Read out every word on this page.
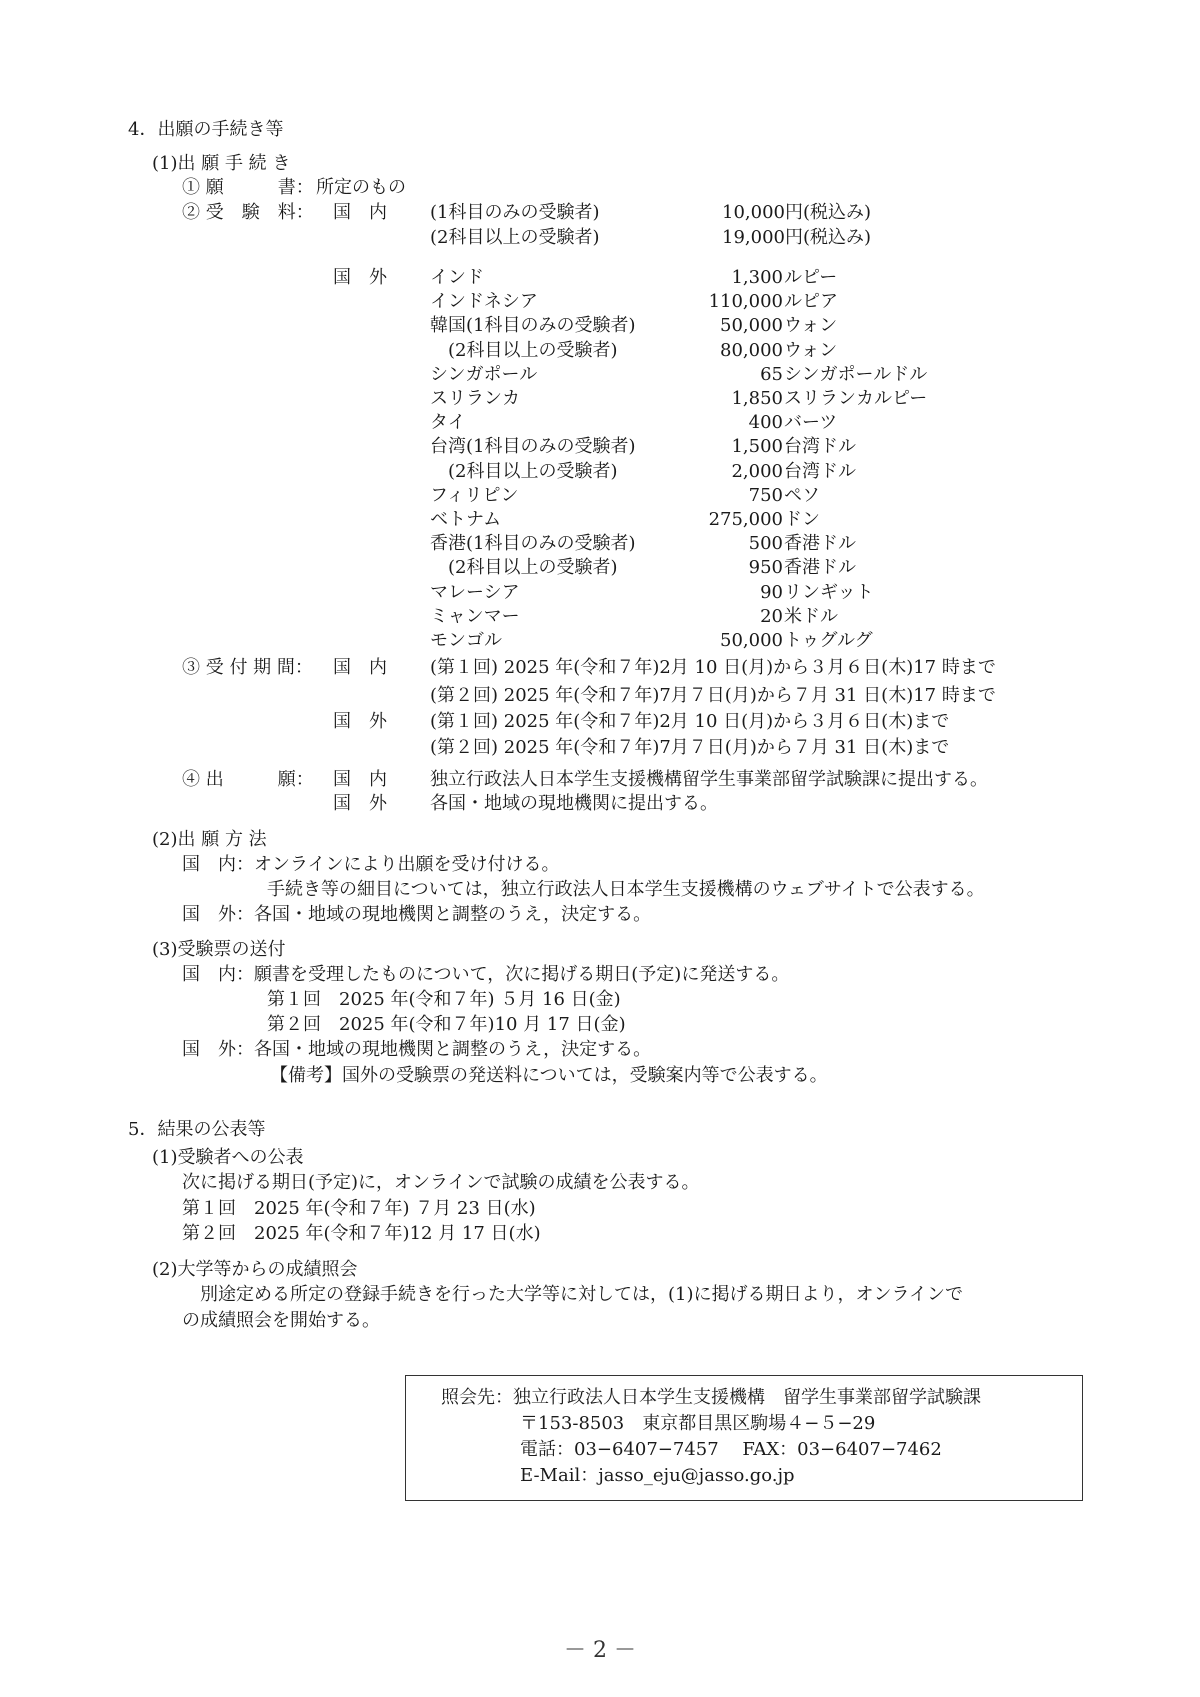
4．出願の手続き等
(1)出 願 手 続 き
① 願　　　書： 所定のもの
② 受　験　料： 国　内 (1科目のみの受験者)	10,000円(税込み)
(2科目以上の受験者)	19,000円(税込み)
国　外 インド	1,300 ルピー
インドネシア	110,000 ルピア
韓国(1科目のみの受験者)	50,000 ウォン
　(2科目以上の受験者)	80,000 ウォン
シンガポール	65 シンガポールドル
スリランカ	1,850 スリランカルピー
タイ	400 バーツ
台湾(1科目のみの受験者)	1,500 台湾ドル
　(2科目以上の受験者)	2,000 台湾ドル
フィリピン	750 ペソ
ベトナム	275,000 ドン
香港(1科目のみの受験者)	500 香港ドル
　(2科目以上の受験者)	950 香港ドル
マレーシア	90 リンギット
ミャンマー	20 米ドル
モンゴル	50,000 トゥグルグ
③ 受 付 期 間： 国　内 (第１回) 2025 年(令和７年)2月 10 日(月)から３月６日(木)17 時まで
(第２回) 2025 年(令和７年)7月７日(月)から７月 31 日(木)17 時まで
国　外 (第１回) 2025 年(令和７年)2月 10 日(月)から３月６日(木)まで
(第２回) 2025 年(令和７年)7月７日(月)から７月 31 日(木)まで
④ 出　　　願： 国　内 独立行政法人日本学生支援機構留学生事業部留学試験課に提出する。
国　外 各国・地域の現地機関に提出する。
(2)出 願 方 法
国　内：オンラインにより出願を受け付ける。
手続き等の細目については，独立行政法人日本学生支援機構のウェブサイトで公表する。
国　外：各国・地域の現地機関と調整のうえ，決定する。
(3)受験票の送付
国　内：願書を受理したものについて，次に掲げる期日(予定)に発送する。
第１回　2025 年(令和７年) ５月 16 日(金)
第２回　2025 年(令和７年)10 月 17 日(金)
国　外：各国・地域の現地機関と調整のうえ，決定する。
【備考】国外の受験票の発送料については，受験案内等で公表する。
5．結果の公表等
(1)受験者への公表
次に掲げる期日(予定)に，オンラインで試験の成績を公表する。
第１回　2025 年(令和７年) ７月 23 日(水)
第２回　2025 年(令和７年)12 月 17 日(水)
(2)大学等からの成績照会
別途定める所定の登録手続きを行った大学等に対しては，(1)に掲げる期日より，オンラインで
の成績照会を開始する。
照会先：独立行政法人日本学生支援機構　留学生事業部留学試験課
〒153-8503　東京都目黒区駒場４−５−29
電話：03−6407−7457　 FAX：03−6407−7462
E-Mail：jasso_eju@jasso.go.jp
－ 2 －
